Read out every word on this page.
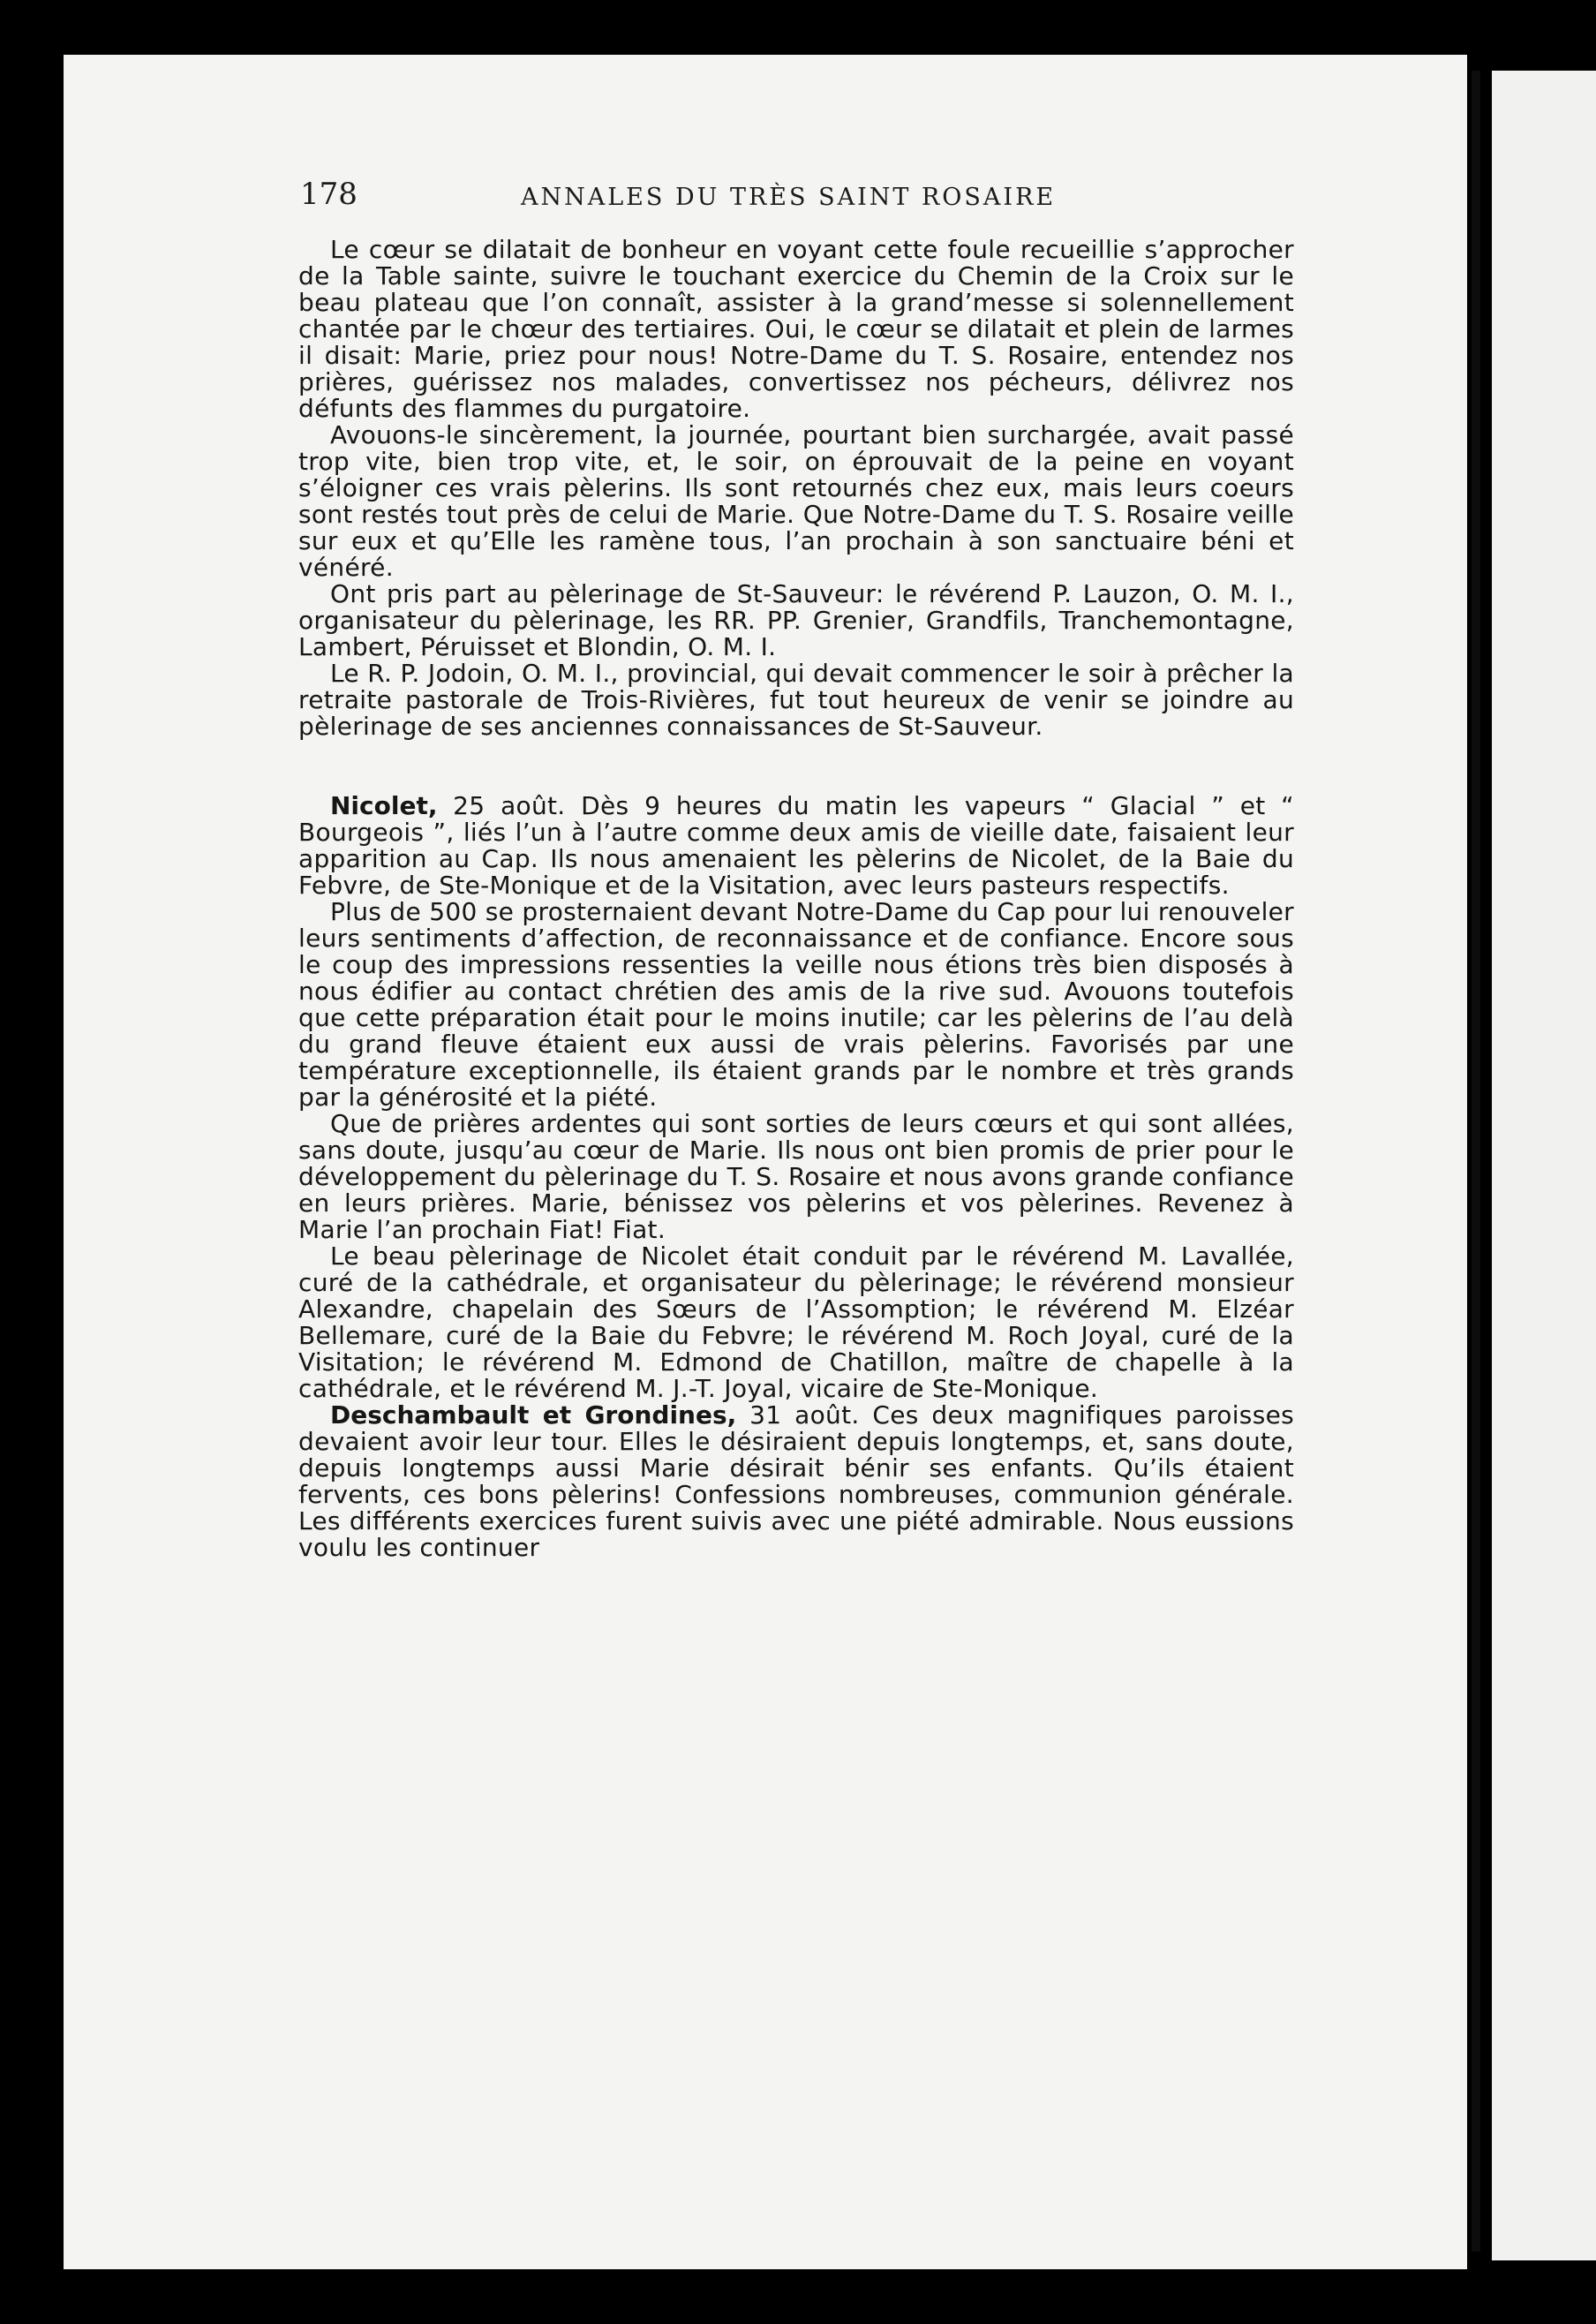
178	ANNALES DU TRÈS SAINT ROSAIRE

Le cœur se dilatait de bonheur en voyant cette foule recueillie s’approcher de la Table sainte, suivre le touchant exercice du Chemin de la Croix sur le beau plateau que l’on connaît, assister à la grand’messe si solennellement chantée par le chœur des tertiaires. Oui, le cœur se dilatait et plein de larmes il disait: Marie, priez pour nous! Notre-Dame du T. S. Rosaire, entendez nos prières, guérissez nos malades, convertissez nos pécheurs, délivrez nos défunts des flammes du purgatoire.

Avouons-le sincèrement, la journée, pourtant bien surchargée, avait passé trop vite, bien trop vite, et, le soir, on éprouvait de la peine en voyant s’éloigner ces vrais pèlerins. Ils sont retournés chez eux, mais leurs coeurs sont restés tout près de celui de Marie. Que Notre-Dame du T. S. Rosaire veille sur eux et qu’Elle les ramène tous, l’an prochain à son sanctuaire béni et vénéré.

Ont pris part au pèlerinage de St-Sauveur: le révérend P. Lauzon, O. M. I., organisateur du pèlerinage, les RR. PP. Grenier, Grandfils, Tranchemontagne, Lambert, Péruisset et Blondin, O. M. I.

Le R. P. Jodoin, O. M. I., provincial, qui devait commencer le soir à prêcher la retraite pastorale de Trois-Rivières, fut tout heureux de venir se joindre au pèlerinage de ses anciennes connaissances de St-Sauveur.

Nicolet, 25 août. Dès 9 heures du matin les vapeurs “ Glacial ” et “ Bourgeois ”, liés l’un à l’autre comme deux amis de vieille date, faisaient leur apparition au Cap. Ils nous amenaient les pèlerins de Nicolet, de la Baie du Febvre, de Ste-Monique et de la Visitation, avec leurs pasteurs respectifs.

Plus de 500 se prosternaient devant Notre-Dame du Cap pour lui renouveler leurs sentiments d’affection, de reconnaissance et de confiance. Encore sous le coup des impressions ressenties la veille nous étions très bien disposés à nous édifier au contact chrétien des amis de la rive sud. Avouons toutefois que cette préparation était pour le moins inutile; car les pèlerins de l’au delà du grand fleuve étaient eux aussi de vrais pèlerins. Favorisés par une température exceptionnelle, ils étaient grands par le nombre et très grands par la générosité et la piété.

Que de prières ardentes qui sont sorties de leurs cœurs et qui sont allées, sans doute, jusqu’au cœur de Marie. Ils nous ont bien promis de prier pour le développement du pèlerinage du T. S. Rosaire et nous avons grande confiance en leurs prières. Marie, bénissez vos pèlerins et vos pèlerines. Revenez à Marie l’an prochain Fiat! Fiat.

Le beau pèlerinage de Nicolet était conduit par le révérend M. Lavallée, curé de la cathédrale, et organisateur du pèlerinage; le révérend monsieur Alexandre, chapelain des Sœurs de l’Assomption; le révérend M. Elzéar Bellemare, curé de la Baie du Febvre; le révérend M. Roch Joyal, curé de la Visitation; le révérend M. Edmond de Chatillon, maître de chapelle à la cathédrale, et le révérend M. J.-T. Joyal, vicaire de Ste-Monique.

Deschambault et Grondines, 31 août. Ces deux magnifiques paroisses devaient avoir leur tour. Elles le désiraient depuis longtemps, et, sans doute, depuis longtemps aussi Marie désirait bénir ses enfants. Qu’ils étaient fervents, ces bons pèlerins! Confessions nombreuses, communion générale. Les différents exercices furent suivis avec une piété admirable. Nous eussions voulu les continuer
